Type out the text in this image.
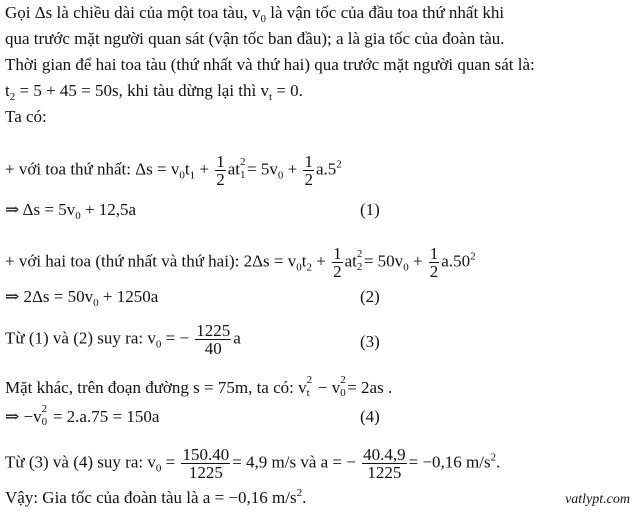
Gọi Δs là chiều dài của một toa tàu, $v_0$ là vận tốc của đầu toa thứ nhất khi
qua trước mặt người quan sát (vận tốc ban đầu); a là gia tốc của đoàn tàu.
Thời gian để hai toa tàu (thứ nhất và thứ hai) qua trước mặt người quan sát là:
$t_2 = 5 + 45 = 50s$, khi tàu dừng lại thì $v_t = 0$.
Ta có:
+ với toa thứ nhất: $\Delta s = v_0t_1 + \frac{1}{2}$ at 2
$1 = 5v_0 + \frac{1}{2} a.5^2$
⇒ $\Delta s = 5v_0 + 12,5a$	(1)
+ với hai toa (thứ nhất và thứ hai): $2\Delta s = v_0t_2 + \frac{1}{2}$ at 2
$2 = 50v_0 + \frac{1}{2} a.50^2$
⇒ $2\Delta s = 50v_0 + 1250a$	(2)
Từ (1) và (2) suy ra: $v_0$ = − $\frac{1225}{40}$ a	(3)
Mặt khác, trên đoạn đường s = 75m, ta có: v 2
t − v 2
0 = 2as .
⇒ −v 2
0 = 2.a.75 = 150a	(4)
Từ (3) và (4) suy ra: $v_0 = \frac{150.40}{1225} = 4,9$ m/s và a = − $\frac{40.4,9}{1225} = -0,16$ $m/s^2$.
Vậy: Gia tốc của đoàn tàu là a = −0,16 $m/s^2$.	vatlypt.com
